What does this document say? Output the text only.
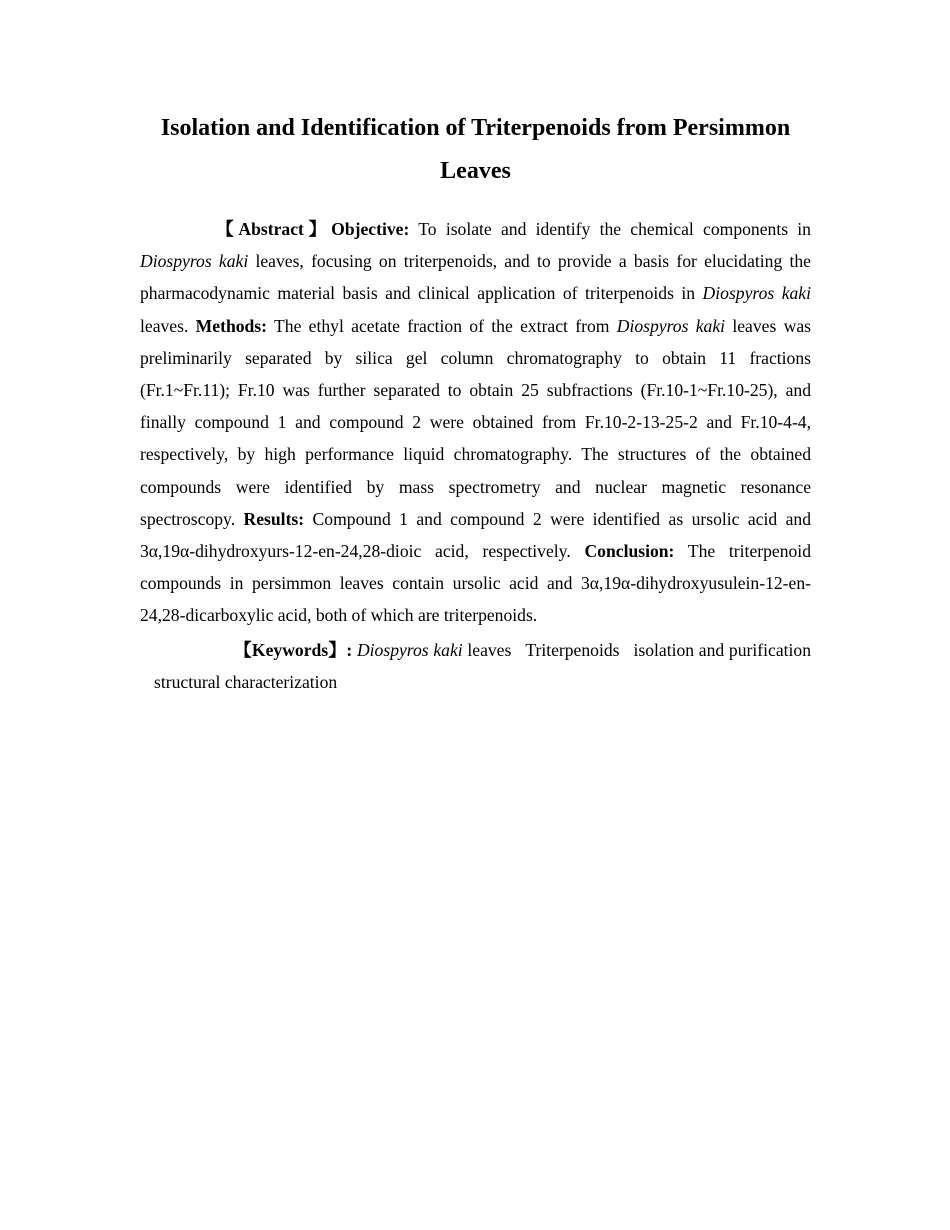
Isolation and Identification of Triterpenoids from Persimmon Leaves

【Abstract】Objective: To isolate and identify the chemical components in Diospyros kaki leaves, focusing on triterpenoids, and to provide a basis for elucidating the pharmacodynamic material basis and clinical application of triterpenoids in Diospyros kaki leaves. Methods: The ethyl acetate fraction of the extract from Diospyros kaki leaves was preliminarily separated by silica gel column chromatography to obtain 11 fractions (Fr.1~Fr.11); Fr.10 was further separated to obtain 25 subfractions (Fr.10-1~Fr.10-25), and finally compound 1 and compound 2 were obtained from Fr.10-2-13-25-2 and Fr.10-4-4, respectively, by high performance liquid chromatography. The structures of the obtained compounds were identified by mass spectrometry and nuclear magnetic resonance spectroscopy. Results: Compound 1 and compound 2 were identified as ursolic acid and 3α,19α-dihydroxyurs-12-en-24,28-dioic acid, respectively. Conclusion: The triterpenoid compounds in persimmon leaves contain ursolic acid and 3α,19α-dihydroxyusulein-12-en-24,28-dicarboxylic acid, both of which are triterpenoids.

【Keywords】: Diospyros kaki leaves Triterpenoids isolation and purificationstructural characterization
